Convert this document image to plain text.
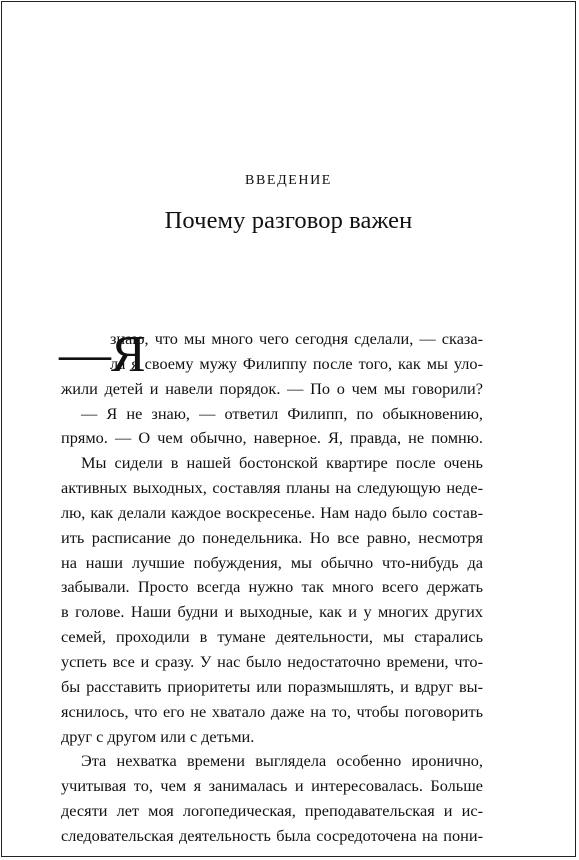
ВВЕДЕНИЕ
Почему разговор важен
—Я
знаю, что мы много чего сегодня сделали, — сказа-
ла я своему мужу Филиппу после того, как мы уло-
жили детей и навели порядок. — По о чем мы говорили?
— Я не знаю, — ответил Филипп, по обыкновению,
прямо. — О чем обычно, наверное. Я, правда, не помню.
Мы сидели в нашей бостонской квартире после очень
активных выходных, составляя планы на следующую неде-
лю, как делали каждое воскресенье. Нам надо было состав-
ить расписание до понедельника. Но все равно, несмотря
на наши лучшие побуждения, мы обычно что-нибудь да
забывали. Просто всегда нужно так много всего держать
в голове. Наши будни и выходные, как и у многих других
семей, проходили в тумане деятельности, мы старались
успеть все и сразу. У нас было недостаточно времени, что-
бы расставить приоритеты или поразмышлять, и вдруг вы-
яснилось, что его не хватало даже на то, чтобы поговорить
друг с другом или с детьми.
Эта нехватка времени выглядела особенно иронично,
учитывая то, чем я занималась и интересовалась. Больше
десяти лет моя логопедическая, преподавательская и ис-
следовательская деятельность была сосредоточена на пони-
